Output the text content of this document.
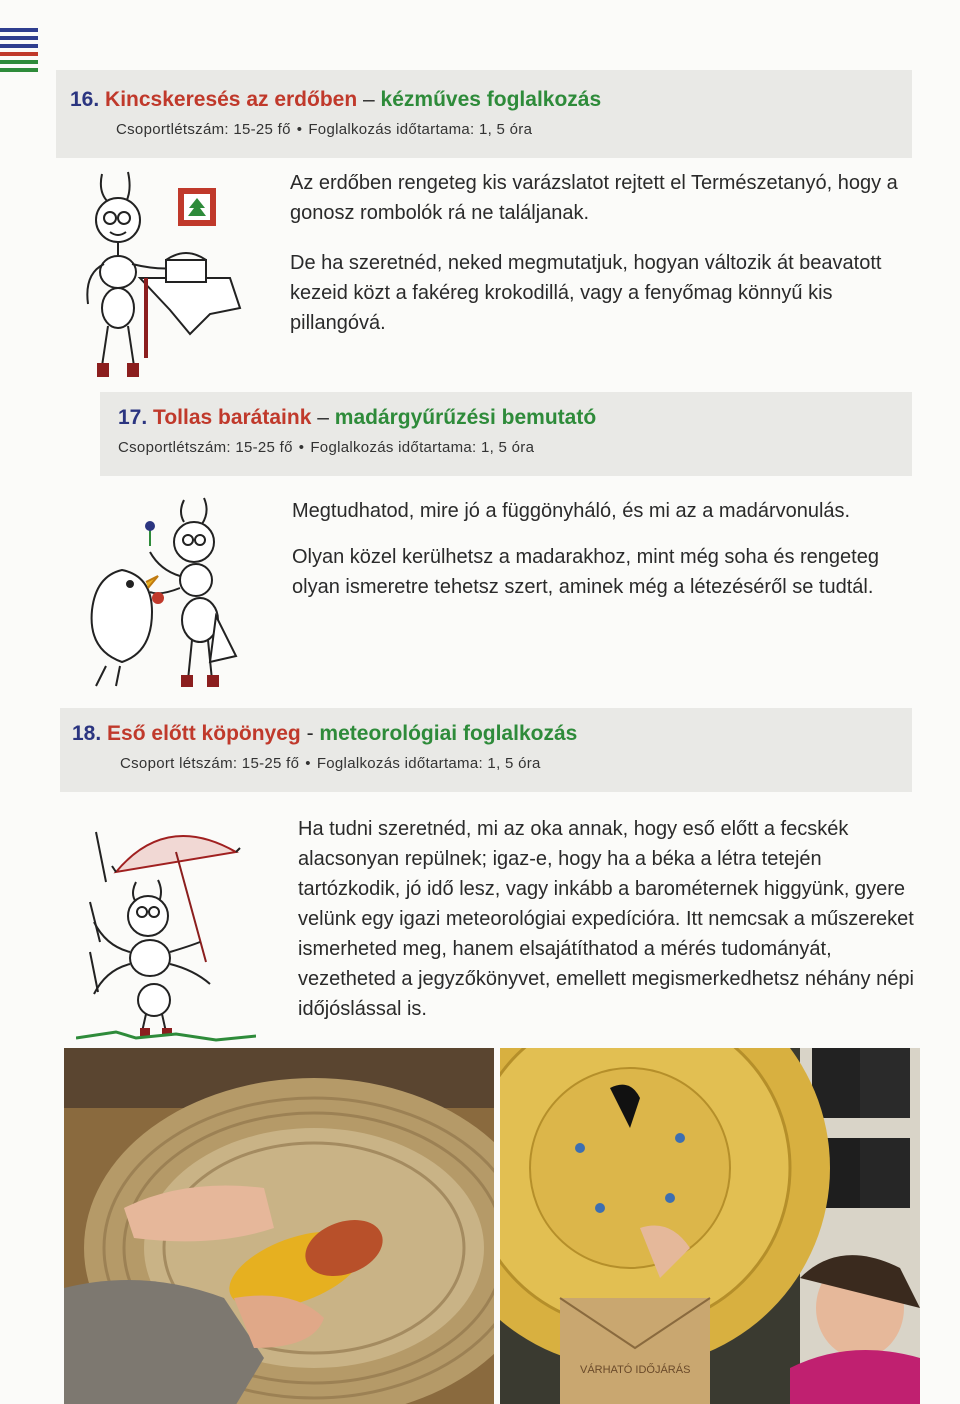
16. Kincskeresés az erdőben – kézműves foglalkozás
Csoportlétszám: 15-25 fő • Foglalkozás időtartama: 1, 5 óra

Az erdőben rengeteg kis varázslatot rejtett el Természetanyó, hogy a gonosz rombolók rá ne találjanak.

De ha szeretnéd, neked megmutatjuk, hogyan változik át beavatott kezeid közt a fakéreg krokodillá, vagy a fenyőmag könnyű kis pillangóvá.

17. Tollas barátaink – madárgyűrűzési bemutató
Csoportlétszám: 15-25 fő • Foglalkozás időtartama: 1, 5 óra

Megtudhatod, mire jó a függönyháló, és mi az a madárvonulás.

Olyan közel kerülhetsz a madarakhoz, mint még soha és rengeteg olyan ismeretre tehetsz szert, aminek még a létezéséről se tudtál.

18. Eső előtt köpönyeg - meteorológiai foglalkozás
Csoport létszám: 15-25 fő • Foglalkozás időtartama: 1, 5 óra

Ha tudni szeretnéd, mi az oka annak, hogy eső előtt a fecskék alacsonyan repülnek; igaz-e, hogy ha a béka a létra tetején tartózkodik, jó idő lesz, vagy inkább a barométernek higgyünk, gyere velünk egy igazi meteorológiai expedícióra. Itt nemcsak a műszereket ismerheted meg, hanem elsajátíthatod a mérés tudományát, vezetheted a jegyzőkönyvet, emellett megismerkedhetsz néhány népi időjóslással is.

VÁRHATÓ IDŐJÁRÁS
